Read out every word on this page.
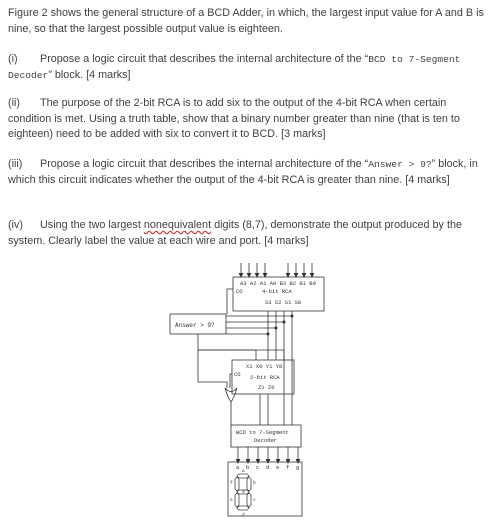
Figure 2 shows the general structure of a BCD Adder, in which, the largest input value for A and B is nine, so that the largest possible output value is eighteen.
(i) Propose a logic circuit that describes the internal architecture of the “BCD to 7-Segment Decoder” block. [4 marks]
(ii) The purpose of the 2-bit RCA is to add six to the output of the 4-bit RCA when certain condition is met. Using a truth table, show that a binary number greater than nine (that is ten to eighteen) need to be added with six to convert it to BCD. [3 marks]
(iii) Propose a logic circuit that describes the internal architecture of the “Answer > 9?” block, in which this circuit indicates whether the output of the 4-bit RCA is greater than nine. [4 marks]
(iv) Using the two largest nonequivalent digits (8,7), demonstrate the output produced by the system. Clearly label the value at each wire and port. [4 marks]
A3 A2 A1 A0 B3 B2 B1 B0
CO	4-bit RCA
S3 S2 S1 S0
Answer > 9?
X1 X0 Y1 Y0
CO 2-bit RCA
Z1 Z0
BCD to 7-Segment
Decoder
a b c d e f g
a
b
c
d
e
f
g
